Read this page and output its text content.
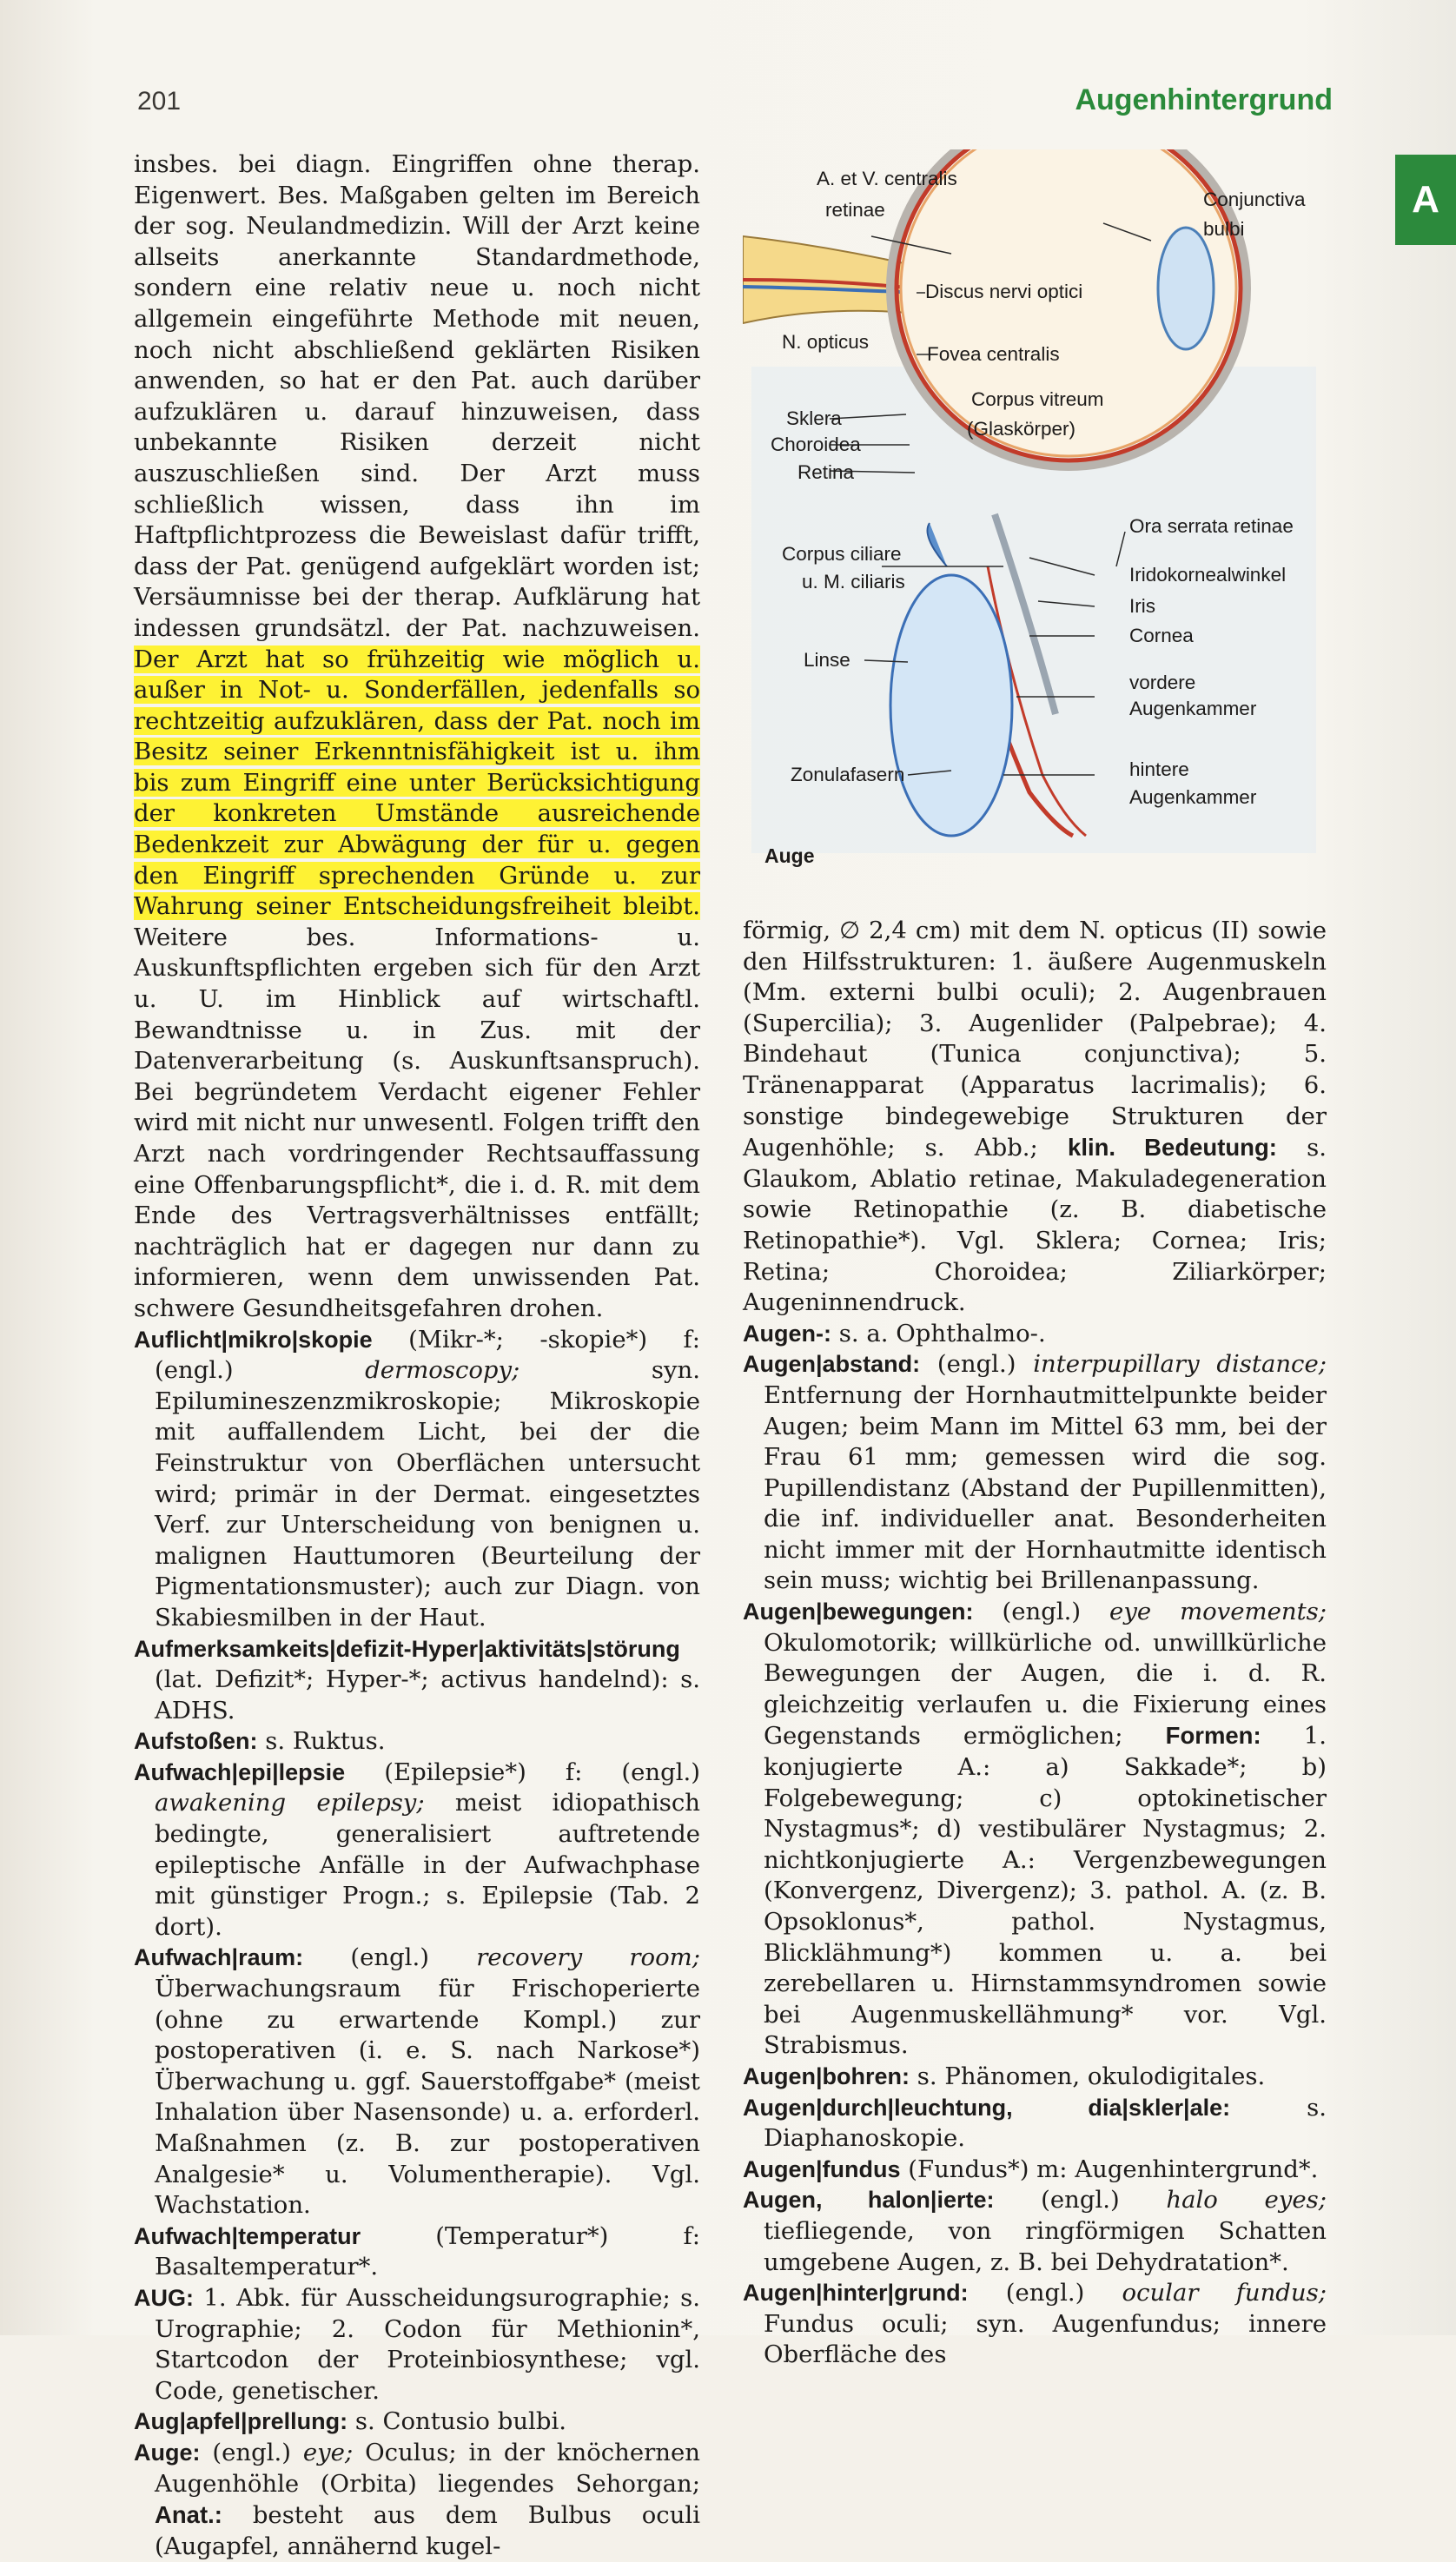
201	Augenhintergrund
A

insbes. bei diagn. Eingriffen ohne therap. Eigenwert. Bes. Maßgaben gelten im Bereich der sog. Neulandmedizin. Will der Arzt keine allseits anerkannte Standardmethode, sondern eine relativ neue u. noch nicht allgemein eingeführte Methode mit neuen, noch nicht abschließend geklärten Risiken anwenden, so hat er den Pat. auch darüber aufzuklären u. darauf hinzuweisen, dass unbekannte Risiken derzeit nicht auszuschließen sind. Der Arzt muss schließlich wissen, dass ihn im Haftpflichtprozess die Beweislast dafür trifft, dass der Pat. genügend aufgeklärt worden ist; Versäumnisse bei der therap. Aufklärung hat indessen grundsätzl. der Pat. nachzuweisen. Der Arzt hat so frühzeitig wie möglich u. außer in Not- u. Sonderfällen, jedenfalls so rechtzeitig aufzuklären, dass der Pat. noch im Besitz seiner Erkenntnisfähigkeit ist u. ihm bis zum Eingriff eine unter Berücksichtigung der konkreten Umstände ausreichende Bedenkzeit zur Abwägung der für u. gegen den Eingriff sprechenden Gründe u. zur Wahrung seiner Entscheidungsfreiheit bleibt. Weitere bes. Informations- u. Auskunftspflichten ergeben sich für den Arzt u. U. im Hinblick auf wirtschaftl. Bewandtnisse u. in Zus. mit der Datenverarbeitung (s. Auskunftsanspruch). Bei begründetem Verdacht eigener Fehler wird mit nicht nur unwesentl. Folgen trifft den Arzt nach vordringender Rechtsauffassung eine Offenbarungspflicht*, die i. d. R. mit dem Ende des Vertragsverhältnisses entfällt; nachträglich hat er dagegen nur dann zu informieren, wenn dem unwissenden Pat. schwere Gesundheitsgefahren drohen.

Auflicht|mikro|skopie (Mikr-*; -skopie*) f: (engl.)	dermoscopy;	syn. Epilumineszenzmikroskopie; Mikroskopie mit auffallendem Licht, bei der die Feinstruktur von Oberflächen untersucht wird; primär in der Dermat. eingesetztes Verf. zur Unterscheidung von benignen u. malignen Hauttumoren (Beurteilung der Pigmentationsmuster); auch zur Diagn. von Skabiesmilben in der Haut.

Aufmerksamkeits|defizit-Hyper|aktivitäts|störung (lat. Defizit*; Hyper-*; activus handelnd): s. ADHS.

Aufstoßen: s. Ruktus.

Aufwach|epi|lepsie (Epilepsie*) f: (engl.) awakening epilepsy; meist idiopathisch bedingte, generalisiert auftretende epileptische Anfälle in der Aufwachphase mit günstiger Progn.; s. Epilepsie (Tab. 2 dort).

Aufwach|raum: (engl.) recovery room; Überwachungsraum für Frischoperierte (ohne zu erwartende Kompl.) zur postoperativen (i. e. S. nach Narkose*) Überwachung u. ggf. Sauerstoffgabe* (meist Inhalation über Nasensonde) u. a. erforderl. Maßnahmen (z. B. zur postoperativen Analgesie* u. Volumentherapie). Vgl. Wachstation.

Aufwach|temperatur	(Temperatur*) f: Basaltemperatur*.

AUG: 1. Abk. für Ausscheidungsurographie; s. Urographie; 2. Codon für Methionin*, Startcodon der Proteinbiosynthese; vgl. Code, genetischer.

Aug|apfel|prellung: s. Contusio bulbi.

Auge: (engl.) eye; Oculus; in der knöchernen Augenhöhle (Orbita) liegendes Sehorgan; Anat.: besteht aus dem Bulbus oculi (Augapfel, annähernd kugel-

A. et V. centralis
retinae	Conjunctiva
bulbi
Discus nervi optici
N. opticus
Fovea centralis
Corpus vitreum
(Glaskörper)
Sklera
Choroidea
Retina
Ora serrata retinae
Corpus ciliare
u. M. ciliaris	Iridokornealwinkel
Iris
Cornea
Linse
vordere
Augenkammer
Zonulafasern	hintere
Augenkammer
Auge

förmig, ∅ 2,4 cm) mit dem N. opticus (II) sowie den Hilfsstrukturen: 1. äußere Augenmuskeln (Mm. externi bulbi oculi); 2. Augenbrauen (Supercilia); 3. Augenlider (Palpebrae); 4. Bindehaut (Tunica conjunctiva); 5. Tränenapparat (Apparatus lacrimalis); 6. sonstige bindegewebige Strukturen der Augenhöhle; s. Abb.; klin. Bedeutung: s. Glaukom, Ablatio retinae, Makuladegeneration sowie Retinopathie (z. B. diabetische Retinopathie*). Vgl. Sklera; Cornea; Iris; Retina; Choroidea; Ziliarkörper; Augeninnendruck.

Augen-: s. a. Ophthalmo-.

Augen|abstand: (engl.) interpupillary distance; Entfernung der Hornhautmittelpunkte beider Augen; beim Mann im Mittel 63 mm, bei der Frau 61 mm; gemessen wird die sog. Pupillendistanz (Abstand der Pupillenmitten), die inf. individueller anat. Besonderheiten nicht immer mit der Hornhautmitte identisch sein muss; wichtig bei Brillenanpassung.

Augen|bewegungen: (engl.) eye movements; Okulomotorik; willkürliche od. unwillkürliche Bewegungen der Augen, die i. d. R. gleichzeitig verlaufen u. die Fixierung eines Gegenstands ermöglichen; Formen: 1. konjugierte A.: a) Sakkade*; b) Folgebewegung; c) optokinetischer Nystagmus*; d) vestibulärer Nystagmus; 2. nichtkonjugierte A.: Vergenzbewegungen (Konvergenz, Divergenz); 3. pathol. A. (z. B. Opsoklonus*, pathol. Nystagmus, Blicklähmung*) kommen u. a. bei zerebellaren u. Hirnstammsyndromen sowie bei Augenmuskellähmung* vor. Vgl. Strabismus.

Augen|bohren: s. Phänomen, okulodigitales.

Augen|durch|leuchtung, dia|skler|ale:	s. Diaphanoskopie.

Augen|fundus (Fundus*) m: Augenhintergrund*.

Augen, halon|ierte: (engl.) halo eyes; tiefliegende, von ringförmigen Schatten umgebene Augen, z. B. bei Dehydratation*.

Augen|hinter|grund: (engl.) ocular fundus; Fundus oculi; syn. Augenfundus; innere Oberfläche des
